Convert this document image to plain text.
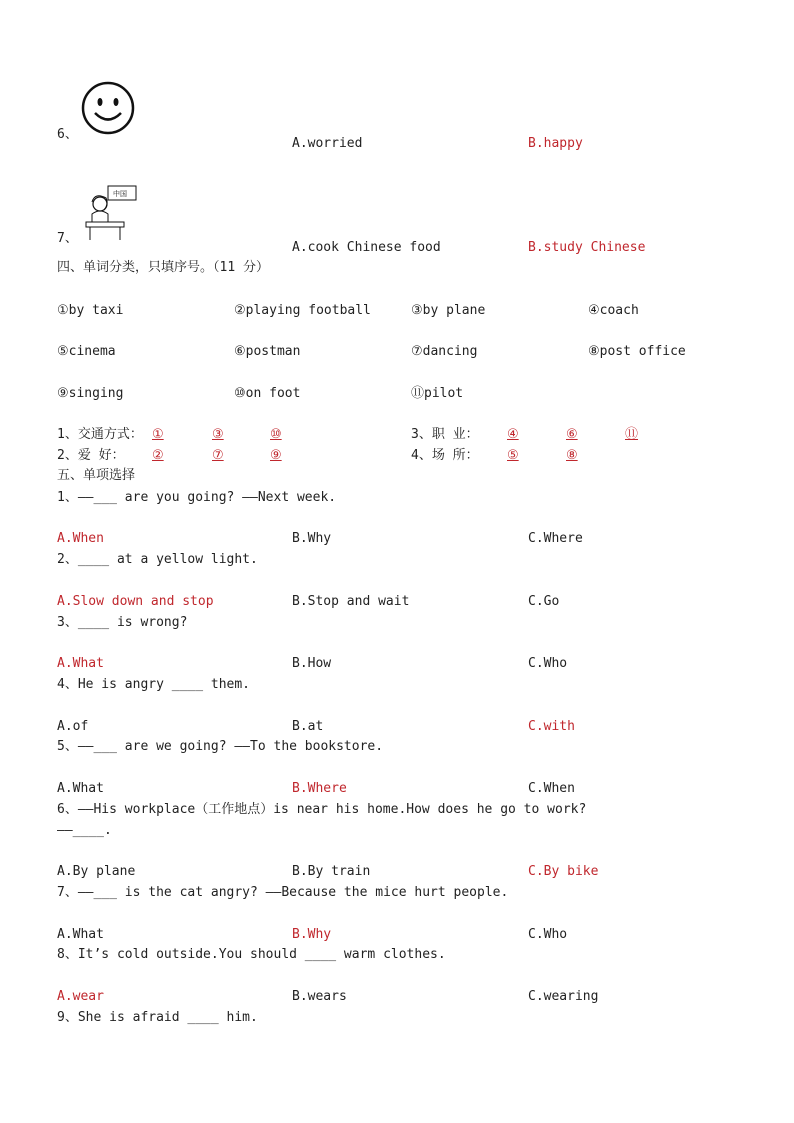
6、
A.worried	B.happy
中国
7、
A.cook Chinese food	B.study Chinese
四、单词分类，只填序号。（11 分）
①by taxi	②playing football	③by plane	④coach
⑤cinema	⑥postman	⑦dancing	⑧post office
⑨singing	⑩on foot	⑪pilot
1、交通方式： ①	③	⑩	3、职 业： ④	⑥	⑪
2、爱 好： ②	⑦	⑨	4、场 所： ⑤	⑧
五、单项选择
1、——___ are you going? ——Next week.
A.When	B.Why	C.Where
2、____ at a yellow light.
A.Slow down and stop	B.Stop and wait	C.Go
3、____ is wrong?
A.What	B.How	C.Who
4、He is angry ____ them.
A.of	B.at	C.with
5、——___ are we going? ——To the bookstore.
A.What	B.Where	C.When
6、——His workplace（工作地点）is near his home.How does he go to work?
——____.
A.By plane	B.By train	C.By bike
7、——___ is the cat angry? ——Because the mice hurt people.
A.What	B.Why	C.Who
8、It’s cold outside.You should ____ warm clothes.
A.wear	B.wears	C.wearing
9、She is afraid ____ him.
